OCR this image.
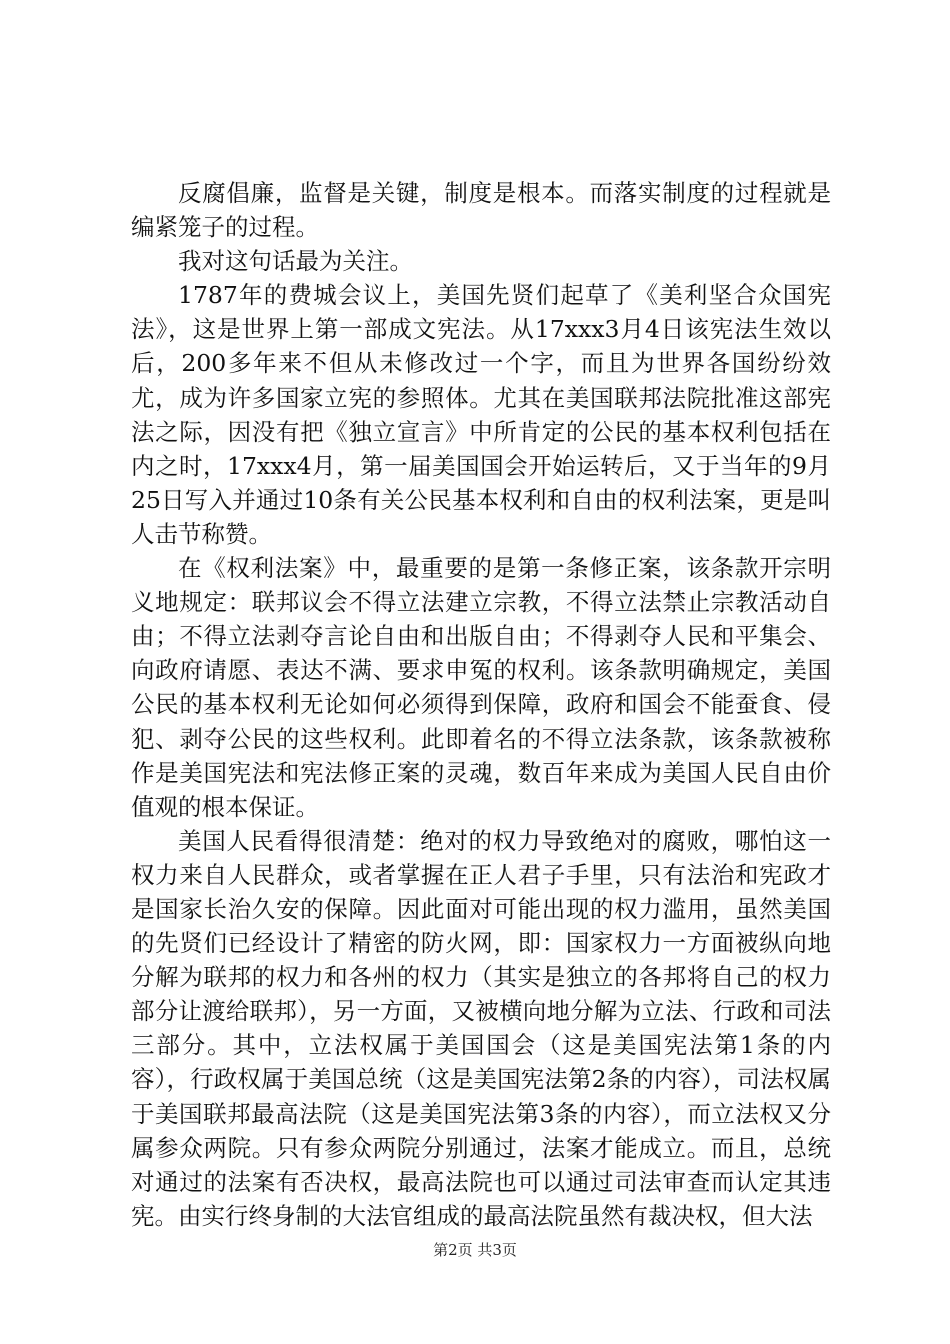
反腐倡廉，监督是关键，制度是根本。而落实制度的过程就是编紧笼子的过程。

我对这句话最为关注。

1787年的费城会议上，美国先贤们起草了《美利坚合众国宪法》，这是世界上第一部成文宪法。从17xxx3月4日该宪法生效以后，200多年来不但从未修改过一个字，而且为世界各国纷纷效尤，成为许多国家立宪的参照体。尤其在美国联邦法院批准这部宪法之际，因没有把《独立宣言》中所肯定的公民的基本权利包括在内之时，17xxx4月，第一届美国国会开始运转后，又于当年的9月25日写入并通过10条有关公民基本权利和自由的权利法案，更是叫人击节称赞。

在《权利法案》中，最重要的是第一条修正案，该条款开宗明义地规定：联邦议会不得立法建立宗教，不得立法禁止宗教活动自由；不得立法剥夺言论自由和出版自由；不得剥夺人民和平集会、向政府请愿、表达不满、要求申冤的权利。该条款明确规定，美国公民的基本权利无论如何必须得到保障，政府和国会不能蚕食、侵犯、剥夺公民的这些权利。此即着名的不得立法条款，该条款被称作是美国宪法和宪法修正案的灵魂，数百年来成为美国人民自由价值观的根本保证。

美国人民看得很清楚：绝对的权力导致绝对的腐败，哪怕这一权力来自人民群众，或者掌握在正人君子手里，只有法治和宪政才是国家长治久安的保障。因此面对可能出现的权力滥用，虽然美国的先贤们已经设计了精密的防火网，即：国家权力一方面被纵向地分解为联邦的权力和各州的权力（其实是独立的各邦将自己的权力部分让渡给联邦），另一方面，又被横向地分解为立法、行政和司法三部分。其中，立法权属于美国国会（这是美国宪法第1条的内容），行政权属于美国总统（这是美国宪法第2条的内容），司法权属于美国联邦最高法院（这是美国宪法第3条的内容），而立法权又分属参众两院。只有参众两院分别通过，法案才能成立。而且，总统对通过的法案有否决权，最高法院也可以通过司法审查而认定其违宪。由实行终身制的大法官组成的最高法院虽然有裁决权，但大法

第2页 共3页
